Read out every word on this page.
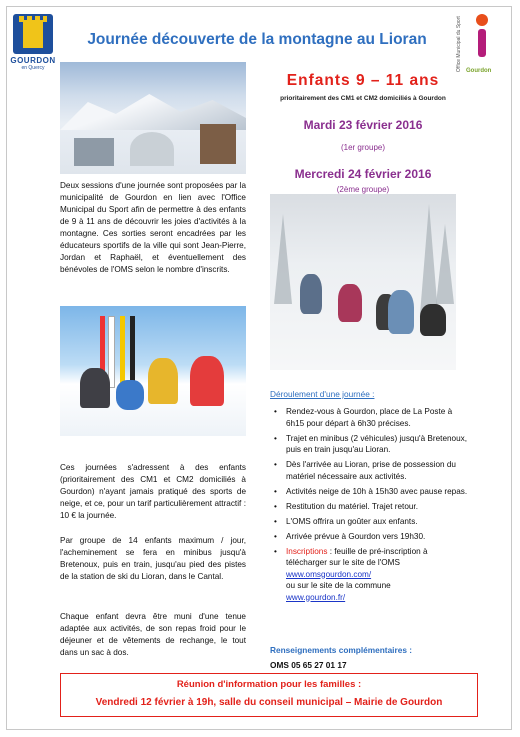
GOURDON
en Quercy
Journée découverte de la montagne au Lioran	Office Municipal du Sport Gourdon
Enfants 9 – 11 ans
prioritairement des CM1 et CM2 domiciliés à Gourdon
Mardi 23 février 2016
(1er groupe)
Mercredi 24 février 2016
(2ème groupe)
Deux sessions d'une journée sont proposées par la municipalité de Gourdon en lien avec l'Office Municipal du Sport afin de permettre à des enfants de 9 à 11 ans de découvrir les joies d'activités à la montagne. Ces sorties seront encadrées par les éducateurs sportifs de la ville qui sont Jean-Pierre, Jordan et Raphaël, et éventuellement des bénévoles de l'OMS selon le nombre d'inscrits.
Déroulement d'une journée :
• Rendez-vous à Gourdon, place de La Poste à 6h15 pour départ à 6h30 précises.
• Trajet en minibus (2 véhicules) jusqu'à Bretenoux, puis en train jusqu'au Lioran.
• Dès l'arrivée au Lioran, prise de possession du matériel nécessaire aux activités.
• Activités neige de 10h à 15h30 avec pause repas.
• Restitution du matériel. Trajet retour.
• L'OMS offrira un goûter aux enfants.
• Arrivée prévue à Gourdon vers 19h30.
• Inscriptions : feuille de pré-inscription à télécharger sur le site de l'OMS
www.omsgourdon.com/
ou sur le site de la commune
www.gourdon.fr/
Ces journées s'adressent à des enfants (prioritairement des CM1 et CM2 domiciliés à Gourdon) n'ayant jamais pratiqué des sports de neige, et ce, pour un tarif particulièrement attractif : 10 € la journée.
Par groupe de 14 enfants maximum / jour, l'acheminement se fera en minibus jusqu'à Bretenoux, puis en train, jusqu'au pied des pistes de la station de ski du Lioran, dans le Cantal.
Chaque enfant devra être muni d'une tenue adaptée aux activités, de son repas froid pour le déjeuner et de vêtements de rechange, le tout dans un sac à dos.	Renseignements complémentaires :
OMS 05 65 27 01 17
Réunion d'information pour les familles :
Vendredi 12 février à 19h, salle du conseil municipal – Mairie de Gourdon
